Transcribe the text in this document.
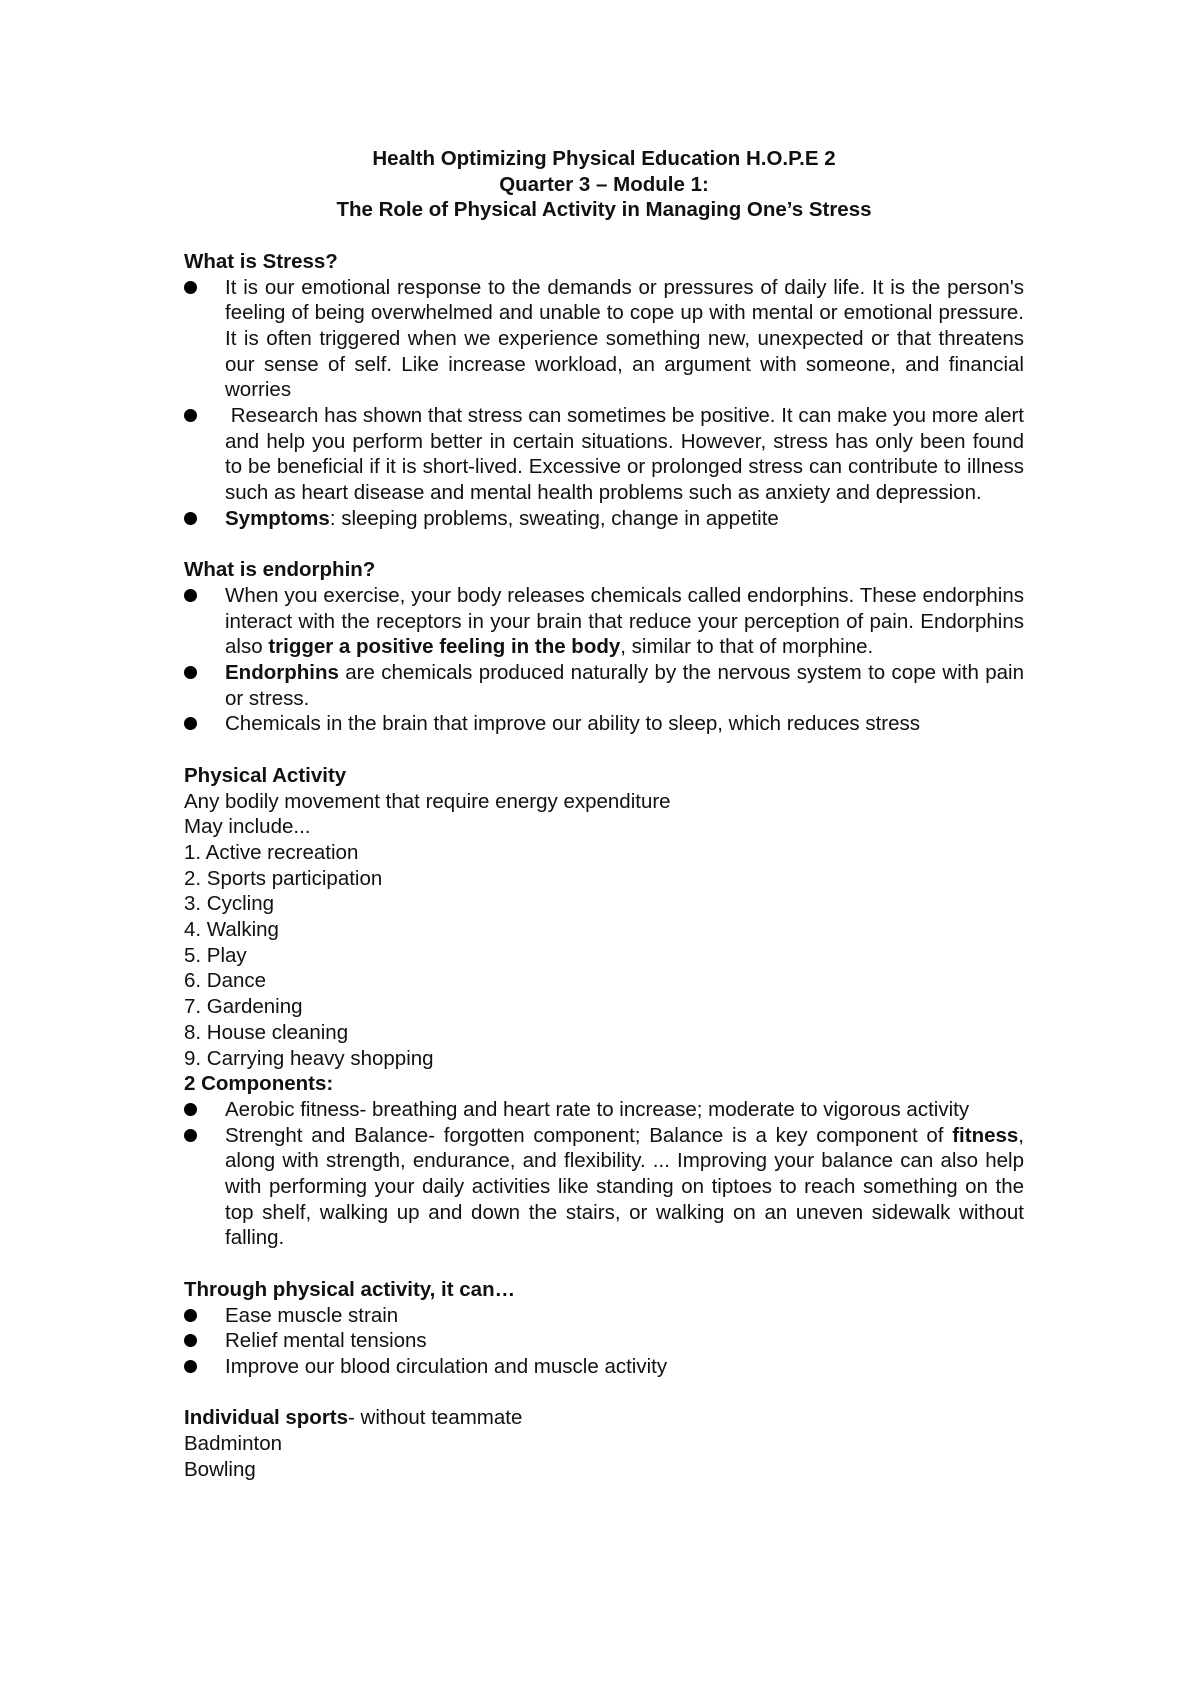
Health Optimizing Physical Education H.O.P.E 2
Quarter 3 – Module 1:
The Role of Physical Activity in Managing One’s Stress
What is Stress?
It is our emotional response to the demands or pressures of daily life. It is the person's feeling of being overwhelmed and unable to cope up with mental or emotional pressure. It is often triggered when we experience something new, unexpected or that threatens our sense of self. Like increase workload, an argument with someone, and financial worries
Research has shown that stress can sometimes be positive. It can make you more alert and help you perform better in certain situations. However, stress has only been found to be beneficial if it is short-lived. Excessive or prolonged stress can contribute to illness such as heart disease and mental health problems such as anxiety and depression.
Symptoms: sleeping problems, sweating, change in appetite
What is endorphin?
When you exercise, your body releases chemicals called endorphins. These endorphins interact with the receptors in your brain that reduce your perception of pain. Endorphins also trigger a positive feeling in the body, similar to that of morphine.
Endorphins are chemicals produced naturally by the nervous system to cope with pain or stress.
Chemicals in the brain that improve our ability to sleep, which reduces stress
Physical Activity
Any bodily movement that require energy expenditure
May include...
1. Active recreation
2. Sports participation
3. Cycling
4. Walking
5. Play
6. Dance
7. Gardening
8. House cleaning
9. Carrying heavy shopping
2 Components:
Aerobic fitness- breathing and heart rate to increase; moderate to vigorous activity
Strenght and Balance- forgotten component; Balance is a key component of fitness, along with strength, endurance, and flexibility. ... Improving your balance can also help with performing your daily activities like standing on tiptoes to reach something on the top shelf, walking up and down the stairs, or walking on an uneven sidewalk without falling.
Through physical activity, it can…
Ease muscle strain
Relief mental tensions
Improve our blood circulation and muscle activity
Individual sports- without teammate
Badminton
Bowling
